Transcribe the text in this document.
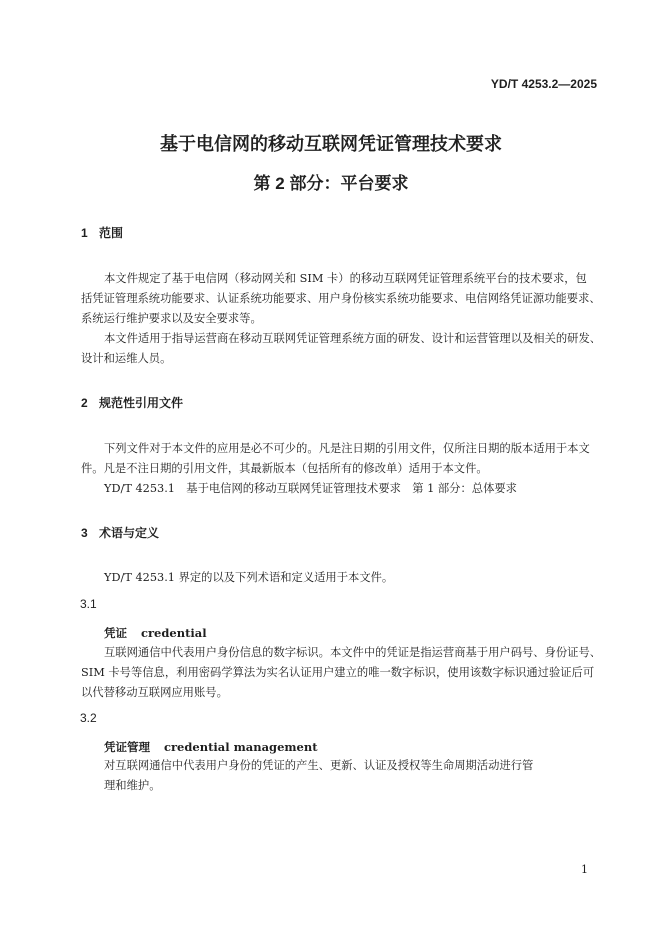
YD/T 4253.2—2025
基于电信网的移动互联网凭证管理技术要求
第 2 部分：平台要求
1 范围
本文件规定了基于电信网（移动网关和 SIM 卡）的移动互联网凭证管理系统平台的技术要求，包
括凭证管理系统功能要求、认证系统功能要求、用户身份核实系统功能要求、电信网络凭证源功能要求、
系统运行维护要求以及安全要求等。
本文件适用于指导运营商在移动互联网凭证管理系统方面的研发、设计和运营管理以及相关的研发、
设计和运维人员。
2 规范性引用文件
下列文件对于本文件的应用是必不可少的。凡是注日期的引用文件，仅所注日期的版本适用于本文
件。凡是不注日期的引用文件，其最新版本（包括所有的修改单）适用于本文件。
YD/T 4253.1　基于电信网的移动互联网凭证管理技术要求　第 1 部分：总体要求
3 术语与定义
YD/T 4253.1 界定的以及下列术语和定义适用于本文件。
3.1
凭证 credential
互联网通信中代表用户身份信息的数字标识。本文件中的凭证是指运营商基于用户码号、身份证号、
SIM 卡号等信息，利用密码学算法为实名认证用户建立的唯一数字标识，使用该数字标识通过验证后可
以代替移动互联网应用账号。
3.2
凭证管理 credential management
对互联网通信中代表用户身份的凭证的产生、更新、认证及授权等生命周期活动进行管
理和维护。
1
